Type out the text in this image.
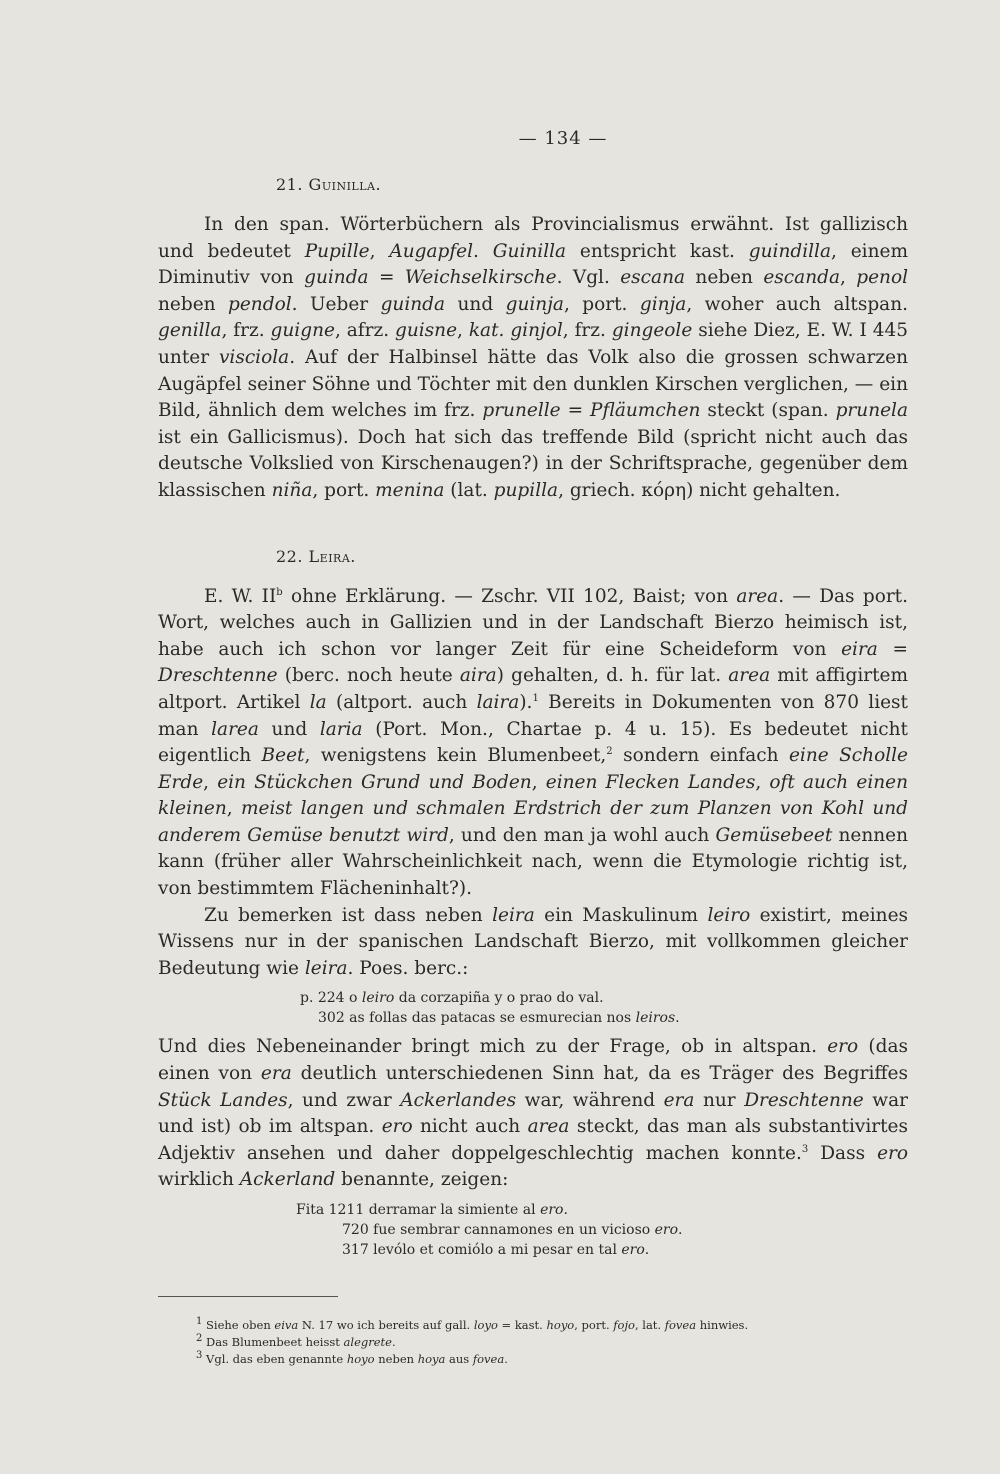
— 134 —
21. Guinilla.

In den span. Wörterbüchern als Provincialismus erwähnt. Ist gallizisch und bedeutet Pupille, Augapfel. Guinilla entspricht kast. guindilla, einem Diminutiv von guinda = Weichselkirsche. Vgl. escana neben escanda, penol neben pendol. Ueber guinda und guinja, port. ginja, woher auch altspan. genilla, frz. guigne, afrz. guisne, kat. ginjol, frz. gingeole siehe Diez, E. W. I 445 unter visciola. Auf der Halbinsel hätte das Volk also die grossen schwarzen Augäpfel seiner Söhne und Töchter mit den dunklen Kirschen verglichen, — ein Bild, ähnlich dem welches im frz. prunelle = Pfläumchen steckt (span. prunela ist ein Gallicismus). Doch hat sich das treffende Bild (spricht nicht auch das deutsche Volkslied von Kirschenaugen?) in der Schriftsprache, gegenüber dem klassischen niña, port. menina (lat. pupilla, griech. κόρη) nicht gehalten.

22. Leira.

E. W. $II^b$ ohne Erklärung. — Zschr. VII 102, Baist; von area. — Das port. Wort, welches auch in Gallizien und in der Landschaft Bierzo heimisch ist, habe auch ich schon vor langer Zeit für eine Scheideform von eira = Dreschtenne (berc. noch heute aira) gehalten, d. h. für lat. area mit affigirtem altport. Artikel la (altport. auch laira).$^1$ Bereits in Dokumenten von 870 liest man larea und laria (Port. Mon., Chartae p. 4 u. 15). Es bedeutet nicht eigentlich Beet, wenigstens kein Blumenbeet,$^2$ sondern einfach eine Scholle Erde, ein Stückchen Grund und Boden, einen Flecken Landes, oft auch einen kleinen, meist langen und schmalen Erdstrich der zum Planzen von Kohl und anderem Gemüse benutzt wird, und den man ja wohl auch Gemüsebeet nennen kann (früher aller Wahrscheinlichkeit nach, wenn die Etymologie richtig ist, von bestimmtem Flächeninhalt?).

Zu bemerken ist dass neben leira ein Maskulinum leiro existirt, meines Wissens nur in der spanischen Landschaft Bierzo, mit vollkommen gleicher Bedeutung wie leira. Poes. berc.:

p. 224 o leiro da corzapiña y o prao do val.
302 as follas das patacas se esmurecian nos leiros.

Und dies Nebeneinander bringt mich zu der Frage, ob in altspan. ero (das einen von era deutlich unterschiedenen Sinn hat, da es Träger des Begriffes Stück Landes, und zwar Ackerlandes war, während era nur Dreschtenne war und ist) ob im altspan. ero nicht auch area steckt, das man als substantivirtes Adjektiv ansehen und daher doppelgeschlechtig machen konnte.$^3$ Dass ero wirklich Ackerland benannte, zeigen:

Fita 1211 derramar la simiente al ero.
720 fue sembrar cannamones en un vicioso ero.
317 levólo et comiólo a mi pesar en tal ero.
$^1$ Siehe oben eiva N. 17 wo ich bereits auf gall. loyo = kast. hoyo, port. fojo, lat. fovea hinwies.
$^2$ Das Blumenbeet heisst alegrete.
$^3$ Vgl. das eben genannte hoyo neben hoya aus fovea.
